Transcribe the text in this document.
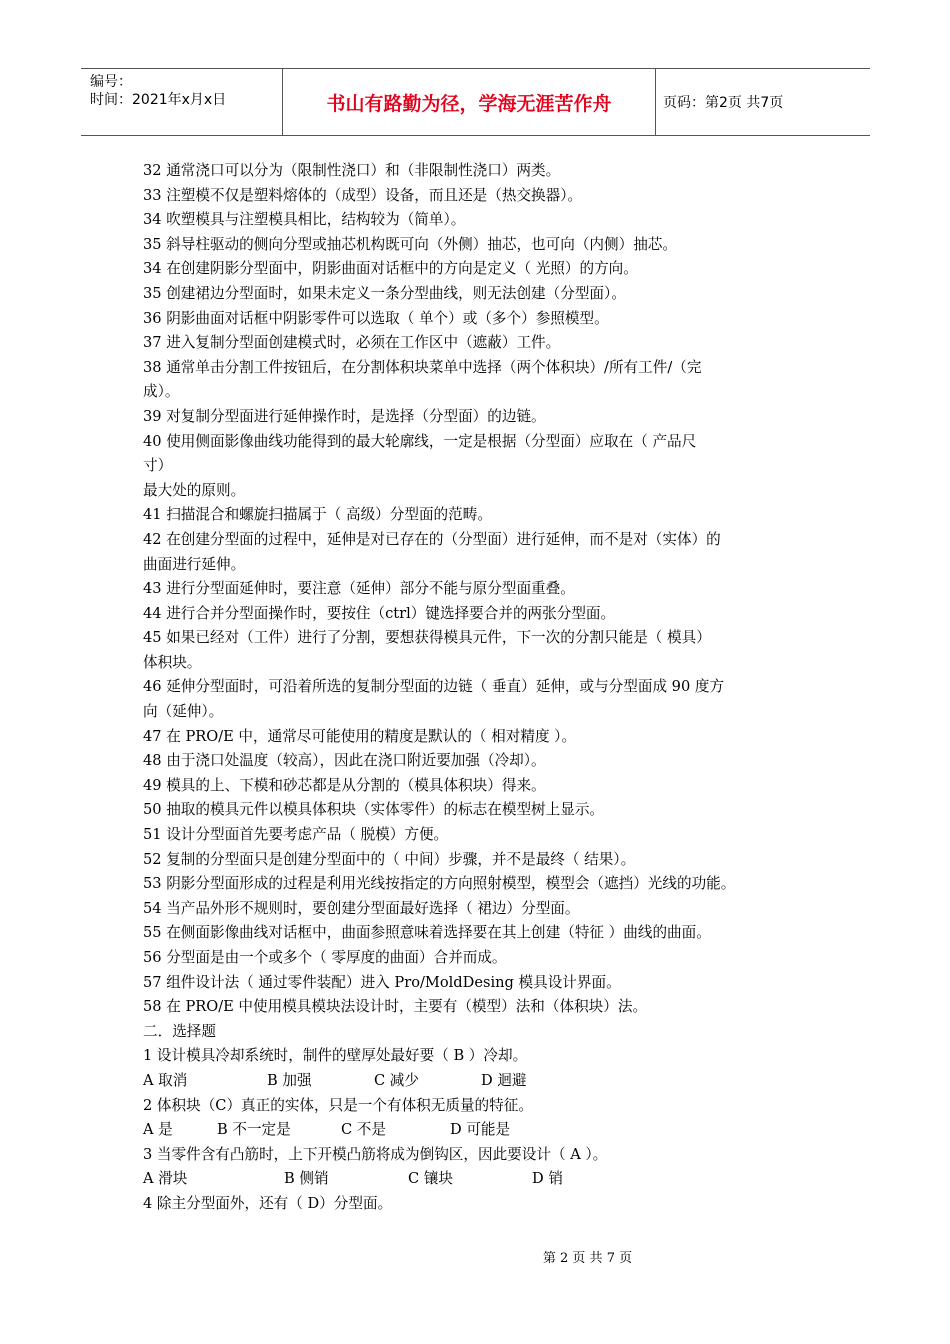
编号：
时间：2021年x月x日	书山有路勤为径，学海无涯苦作舟	页码：第2页 共7页
32 通常浇口可以分为（限制性浇口）和（非限制性浇口）两类。
33 注塑模不仅是塑料熔体的（成型）设备，而且还是（热交换器）。
34 吹塑模具与注塑模具相比，结构较为（简单）。
35 斜导柱驱动的侧向分型或抽芯机构既可向（外侧）抽芯，也可向（内侧）抽芯。
34 在创建阴影分型面中，阴影曲面对话框中的方向是定义（ 光照）的方向。
35 创建裙边分型面时，如果未定义一条分型曲线，则无法创建（分型面）。
36 阴影曲面对话框中阴影零件可以选取（ 单个）或（多个）参照模型。
37 进入复制分型面创建模式时，必须在工作区中（遮蔽）工件。
38 通常单击分割工件按钮后，在分割体积块菜单中选择（两个体积块）/所有工件/（完
成）。
39 对复制分型面进行延伸操作时，是选择（分型面）的边链。
40 使用侧面影像曲线功能得到的最大轮廓线，一定是根据（分型面）应取在（ 产品尺
寸）
最大处的原则。
41 扫描混合和螺旋扫描属于（ 高级）分型面的范畴。
42 在创建分型面的过程中，延伸是对已存在的（分型面）进行延伸，而不是对（实体）的
曲面进行延伸。
43 进行分型面延伸时，要注意（延伸）部分不能与原分型面重叠。
44 进行合并分型面操作时，要按住（ctrl）键选择要合并的两张分型面。
45 如果已经对（工件）进行了分割，要想获得模具元件，下一次的分割只能是（ 模具）
体积块。
46 延伸分型面时，可沿着所选的复制分型面的边链（ 垂直）延伸，或与分型面成 90 度方
向（延伸）。
47 在 PRO/E 中，通常尽可能使用的精度是默认的（ 相对精度 ）。
48 由于浇口处温度（较高），因此在浇口附近要加强（冷却）。
49 模具的上、下模和砂芯都是从分割的（模具体积块）得来。
50 抽取的模具元件以模具体积块（实体零件）的标志在模型树上显示。
51 设计分型面首先要考虑产品（ 脱模）方便。
52 复制的分型面只是创建分型面中的（ 中间）步骤，并不是最终（ 结果）。
53 阴影分型面形成的过程是利用光线按指定的方向照射模型，模型会（遮挡）光线的功能。
54 当产品外形不规则时，要创建分型面最好选择（ 裙边）分型面。
55 在侧面影像曲线对话框中，曲面参照意味着选择要在其上创建（特征 ）曲线的曲面。
56 分型面是由一个或多个（ 零厚度的曲面）合并而成。
57 组件设计法（ 通过零件装配）进入 Pro/MoldDesing 模具设计界面。
58 在 PRO/E 中使用模具模块法设计时，主要有（模型）法和（体积块）法。
二．选择题
1 设计模具冷却系统时，制件的壁厚处最好要（ B ）冷却。
A 取消	B 加强	C 减少	D 迴避
2 体积块（C）真正的实体，只是一个有体积无质量的特征。
A 是	B 不一定是	C 不是	D 可能是
3 当零件含有凸筋时，上下开模凸筋将成为倒钩区，因此要设计（ A ）。
A 滑块	B 侧销	C 镶块	D 销
4 除主分型面外，还有（ D）分型面。
第 2 页 共 7 页
